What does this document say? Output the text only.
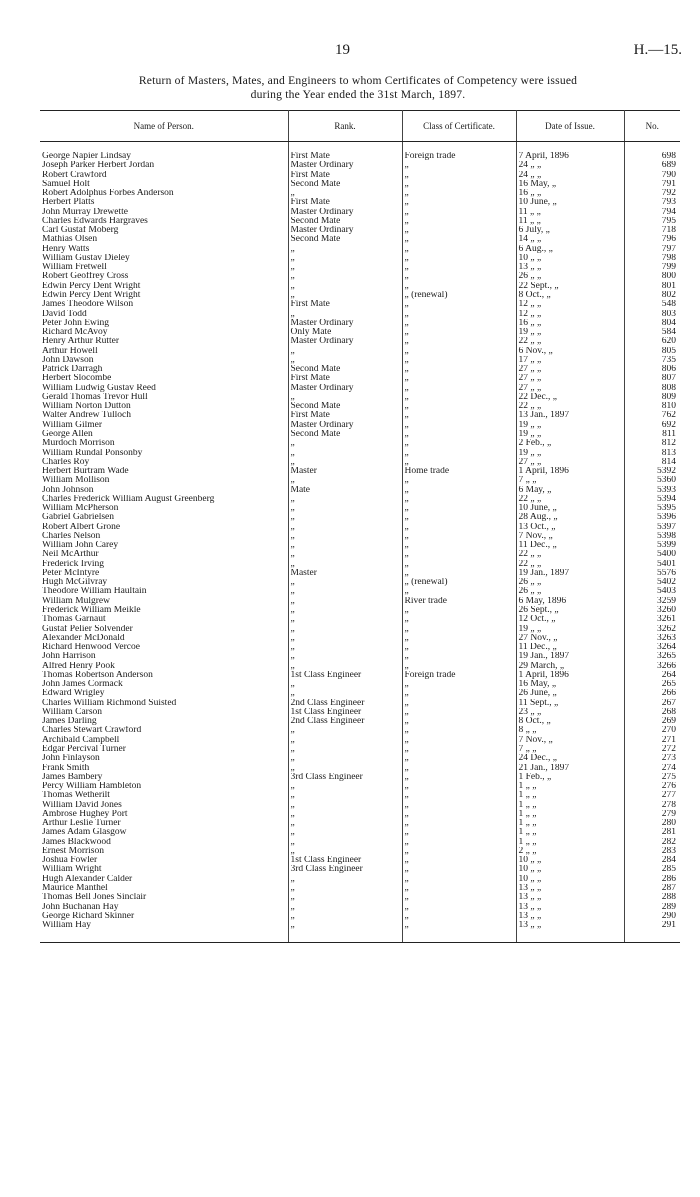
19	H.—15.
Return of Masters, Mates, and Engineers to whom Certificates of Competency were issued
during the Year ended the 31st March, 1897.
Name of Person.	Rank.	Class of Certificate.	Date of Issue.	No.

George Napier Lindsay	First Mate	Foreign trade	7 April, 1896	698
Joseph Parker Herbert Jordan	Master Ordinary	„	24 „ „	689
Robert Crawford	First Mate	„	24 „ „	790
Samuel Holt	Second Mate	„	16 May, „	791
Robert Adolphus Forbes Anderson	„	„	16 „ „	792
Herbert Platts	First Mate	„	10 June, „	793
John Murray Drewette	Master Ordinary	„	11 „ „	794
Charles Edwards Hargraves	Second Mate	„	11 „ „	795
Carl Gustaf Moberg	Master Ordinary	„	6 July, „	718
Mathias Olsen	Second Mate	„	14 „ „	796
Henry Watts	„	„	6 Aug., „	797
William Gustav Dieley	„	„	10 „ „	798
William Fretwell	„	„	13 „ „	799
Robert Geoffrey Cross	„	„	26 „ „	800
Edwin Percy Dent Wright	„	„	22 Sept., „	801
Edwin Percy Dent Wright	„	„ (renewal)	8 Oct., „	802
James Theodore Wilson	First Mate	„	12 „ „	548
David Todd	„	„	12 „ „	803
Peter John Ewing	Master Ordinary	„	16 „ „	804
Richard McAvoy	Only Mate	„	19 „ „	584
Henry Arthur Rutter	Master Ordinary	„	22 „ „	620
Arthur Howell	„	„	6 Nov., „	805
John Dawson	„	„	17 „ „	735
Patrick Darragh	Second Mate	„	27 „ „	806
Herbert Slocombe	First Mate	„	27 „ „	807
William Ludwig Gustav Reed	Master Ordinary	„	27 „ „	808
Gerald Thomas Trevor Hull	„	„	22 Dec., „	809
William Norton Dutton	Second Mate	„	22 „ „	810
Walter Andrew Tulloch	First Mate	„	13 Jan., 1897	762
William Gilmer	Master Ordinary	„	19 „ „	692
George Allen	Second Mate	„	19 „ „	811
Murdoch Morrison	„	„	2 Feb., „	812
William Rundal Ponsonby	„	„	19 „ „	813
Charles Roy	„	„	27 „ „	814
Herbert Burtram Wade	Master	Home trade	1 April, 1896	5392
William Mollison	„	„	7 „ „	5360
John Johnson	Mate	„	6 May, „	5393
Charles Frederick William August Greenberg	„	„	22 „ „	5394
William McPherson	„	„	10 June, „	5395
Gabriel Gabrielsen	„	„	28 Aug., „	5396
Robert Albert Grone	„	„	13 Oct., „	5397
Charles Nelson	„	„	7 Nov., „	5398
William John Carey	„	„	11 Dec., „	5399
Neil McArthur	„	„	22 „ „	5400
Frederick Irving	„	„	22 „ „	5401
Peter McIntyre	Master	„	19 Jan., 1897	5576
Hugh McGilvray	„	„ (renewal)	26 „ „	5402
Theodore William Haultain	„	„	26 „ „	5403
William Mulgrew	„	River trade	6 May, 1896	3259
Frederick William Meikle	„	„	26 Sept., „	3260
Thomas Garnaut	„	„	12 Oct., „	3261
Gustaf Pelier Solvender	„	„	19 „ „	3262
Alexander McDonald	„	„	27 Nov., „	3263
Richard Henwood Vercoe	„	„	11 Dec., „	3264
John Harrison	„	„	19 Jan., 1897	3265
Alfred Henry Pook	„	„	29 March, „	3266
Thomas Robertson Anderson	1st Class Engineer	Foreign trade	1 April, 1896	264
John James Cormack	„	„	16 May, „	265
Edward Wrigley	„	„	26 June, „	266
Charles William Richmond Suisted	2nd Class Engineer	„	11 Sept., „	267
William Carson	1st Class Engineer	„	23 „ „	268
James Darling	2nd Class Engineer	„	8 Oct., „	269
Charles Stewart Crawford	„	„	8 „ „	270
Archibald Campbell	„	„	7 Nov., „	271
Edgar Percival Turner	„	„	7 „ „	272
John Finlayson	„	„	24 Dec., „	273
Frank Smith	„	„	21 Jan., 1897	274
James Bambery	3rd Class Engineer	„	1 Feb., „	275
Percy William Hambleton	„	„	1 „ „	276
Thomas Wetherilt	„	„	1 „ „	277
William David Jones	„	„	1 „ „	278
Ambrose Hughey Port	„	„	1 „ „	279
Arthur Leslie Turner	„	„	1 „ „	280
James Adam Glasgow	„	„	1 „ „	281
James Blackwood	„	„	1 „ „	282
Ernest Morrison	„	„	2 „ „	283
Joshua Fowler	1st Class Engineer	„	10 „ „	284
William Wright	3rd Class Engineer	„	10 „ „	285
Hugh Alexander Calder	„	„	10 „ „	286
Maurice Manthel	„	„	13 „ „	287
Thomas Bell Jones Sinclair	„	„	13 „ „	288
John Buchanan Hay	„	„	13 „ „	289
George Richard Skinner	„	„	13 „ „	290
William Hay	„	„	13 „ „	291
